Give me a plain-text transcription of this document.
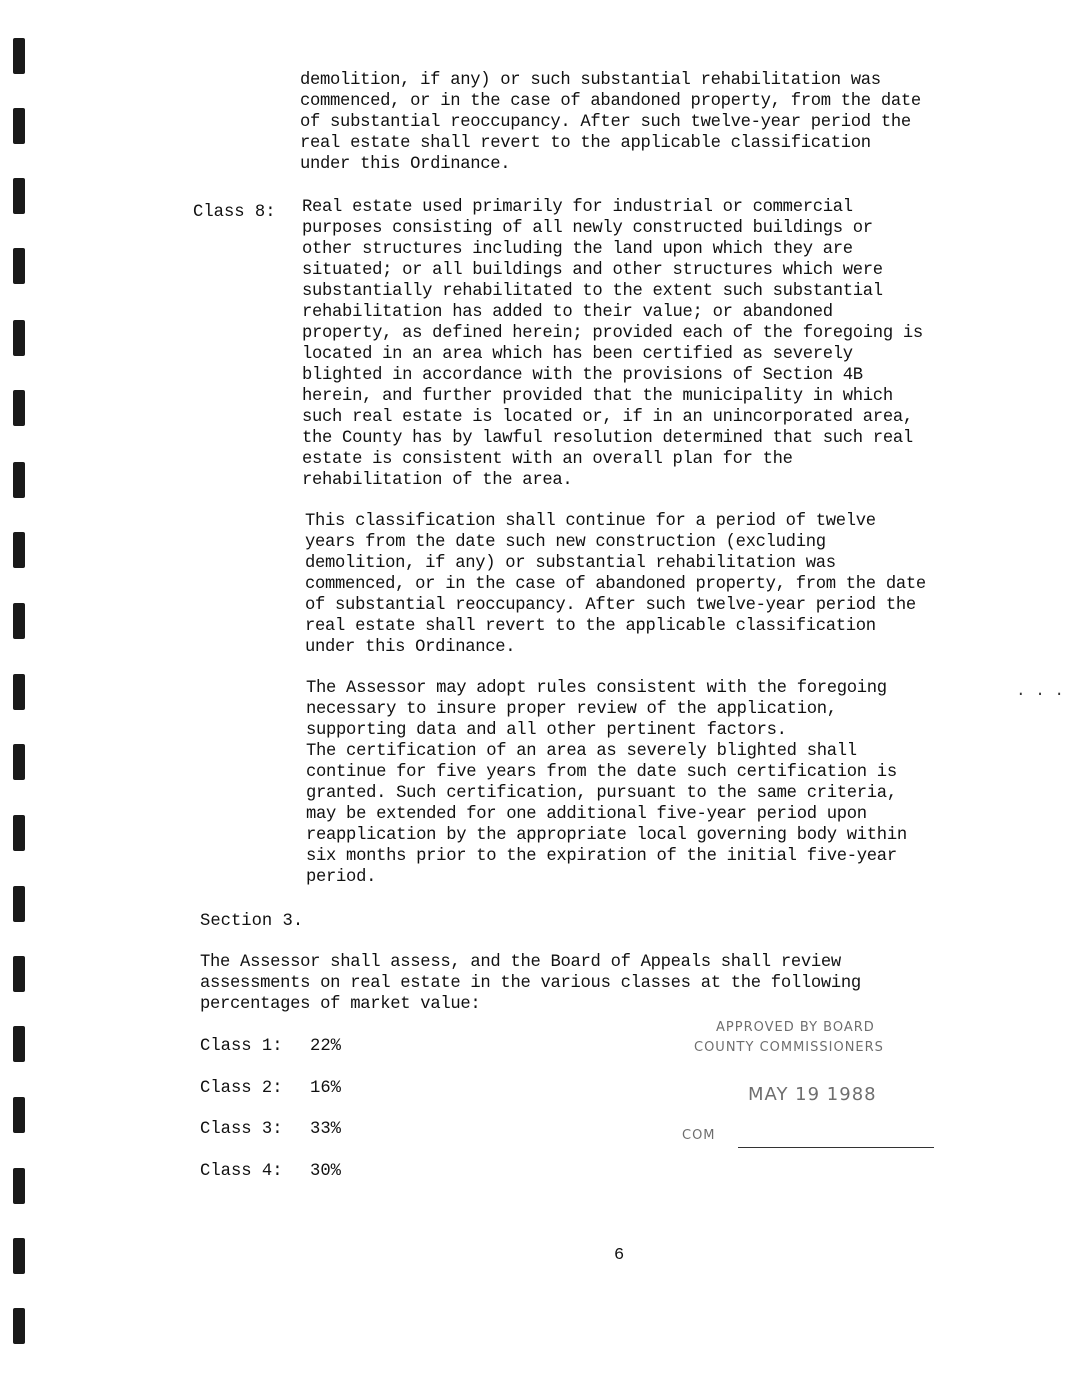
demolition, if any) or such substantial rehabilitation was
commenced, or in the case of abandoned property, from the date
of substantial reoccupancy. After such twelve-year period the
real estate shall revert to the applicable classification
under this Ordinance.

Class 8: Real estate used primarily for industrial or commercial
purposes consisting of all newly constructed buildings or
other structures including the land upon which they are
situated; or all buildings and other structures which were
substantially rehabilitated to the extent such substantial
rehabilitation has added to their value; or abandoned
property, as defined herein; provided each of the foregoing is
located in an area which has been certified as severely
blighted in accordance with the provisions of Section 4B
herein, and further provided that the municipality in which
such real estate is located or, if in an unincorporated area,
the County has by lawful resolution determined that such real
estate is consistent with an overall plan for the
rehabilitation of the area.

This classification shall continue for a period of twelve
years from the date such new construction (excluding
demolition, if any) or substantial rehabilitation was
commenced, or in the case of abandoned property, from the date
of substantial reoccupancy. After such twelve-year period the
real estate shall revert to the applicable classification
under this Ordinance.

The Assessor may adopt rules consistent with the foregoing
necessary to insure proper review of the application,
supporting data and all other pertinent factors.
The certification of an area as severely blighted shall
continue for five years from the date such certification is
granted. Such certification, pursuant to the same criteria,
may be extended for one additional five-year period upon
reapplication by the appropriate local governing body within
six months prior to the expiration of the initial five-year
period.

Section 3.

The Assessor shall assess, and the Board of Appeals shall review
assessments on real estate in the various classes at the following
percentages of market value:

Class 1: 22%
Class 2: 16%
Class 3: 33%
Class 4: 30%
APPROVED BY BOARD
COUNTY COMMISSIONERS
MAY 19 1988
COM
. . .
6
